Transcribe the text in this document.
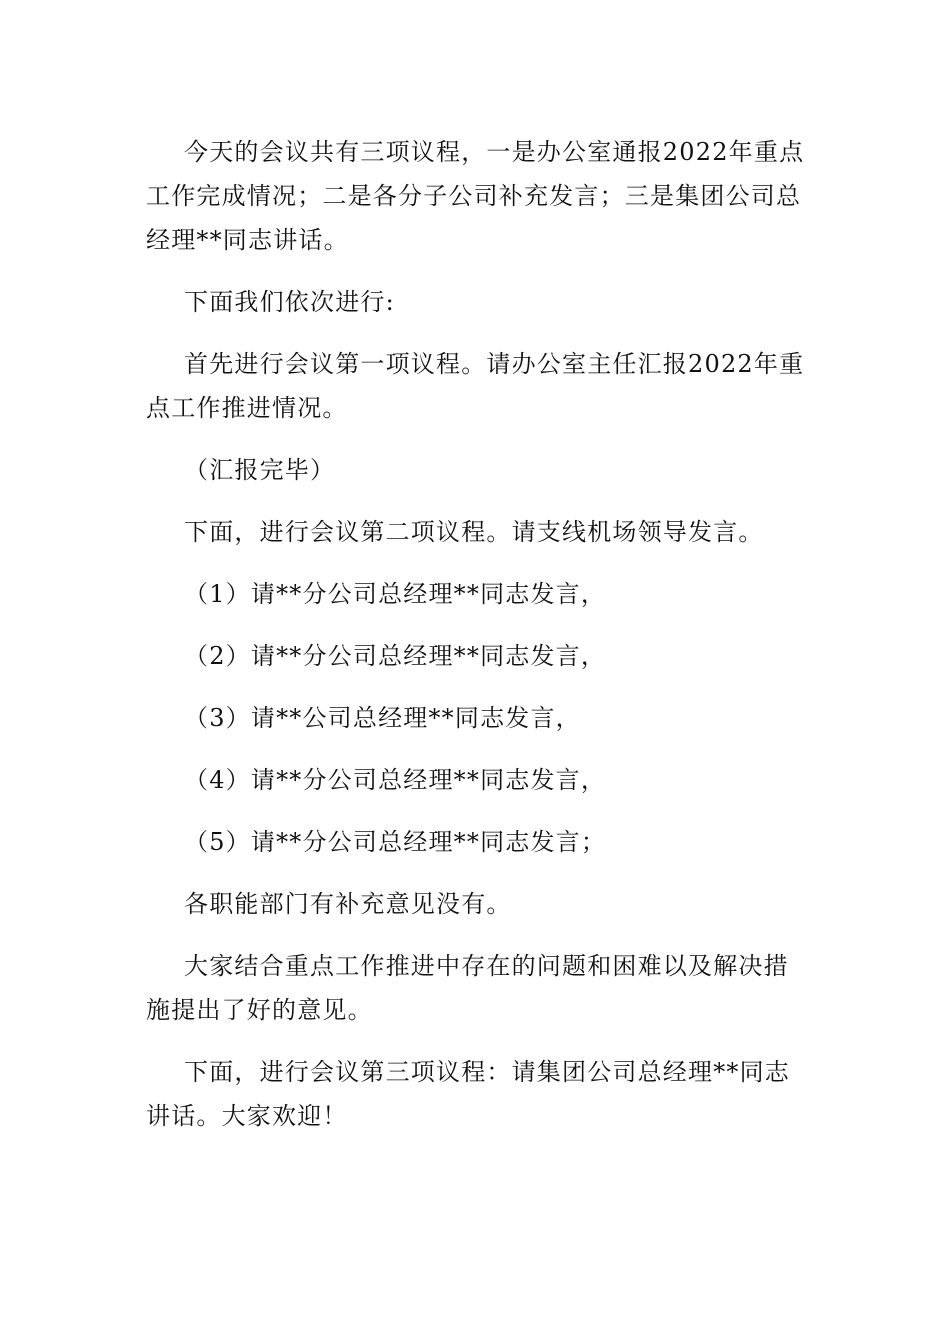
今天的会议共有三项议程，一是办公室通报2022年重点工作完成情况；二是各分子公司补充发言；三是集团公司总经理**同志讲话。

下面我们依次进行:

首先进行会议第一项议程。请办公室主任汇报2022年重点工作推进情况。

（汇报完毕）

下面，进行会议第二项议程。请支线机场领导发言。

（1）请**分公司总经理**同志发言，

（2）请**分公司总经理**同志发言，

（3）请**公司总经理**同志发言，

（4）请**分公司总经理**同志发言，

（5）请**分公司总经理**同志发言；

各职能部门有补充意见没有。

大家结合重点工作推进中存在的问题和困难以及解决措施提出了好的意见。

下面，进行会议第三项议程：请集团公司总经理**同志讲话。大家欢迎！
